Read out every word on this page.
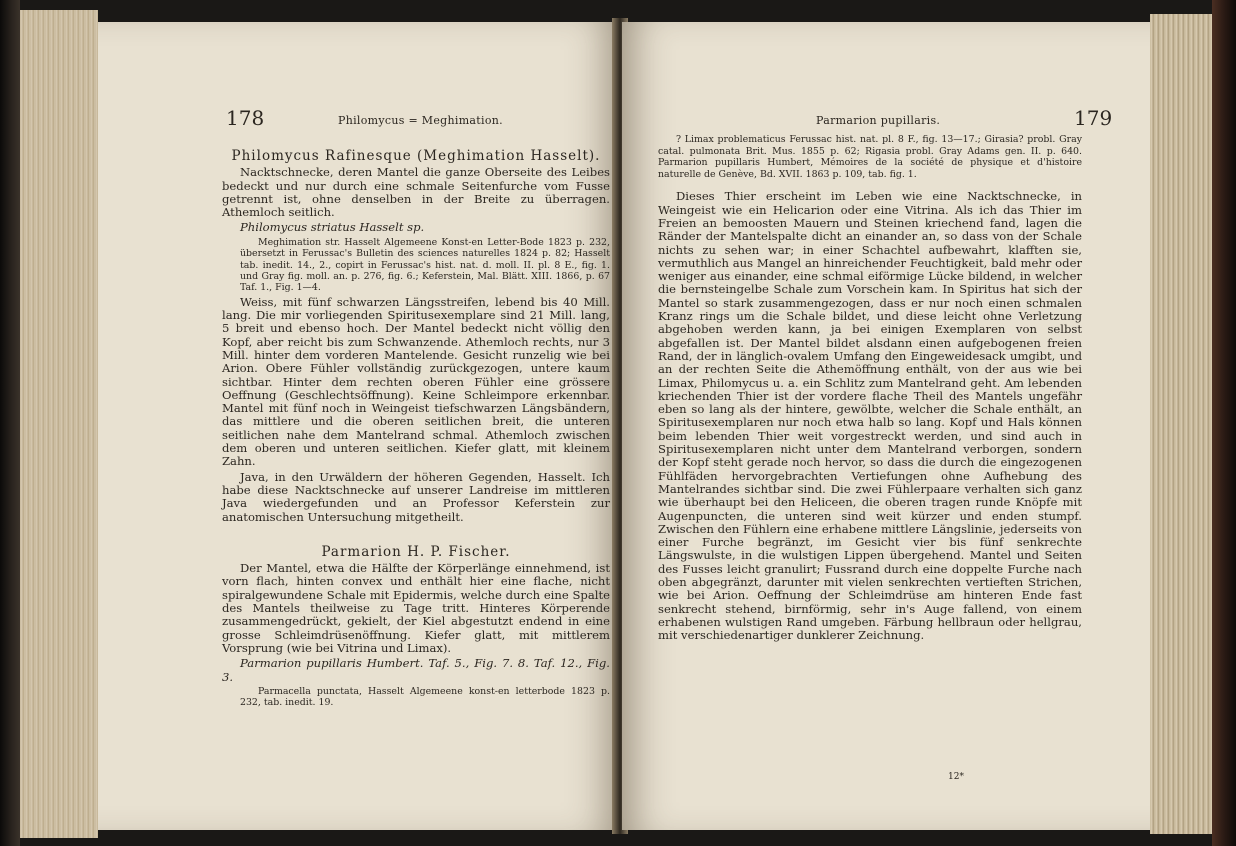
178	Philomycus = Meghimation.
Philomycus Rafinesque (Meghimation Hasselt).

Nacktschnecke, deren Mantel die ganze Oberseite des Leibes bedeckt und nur durch eine schmale Seitenfurche vom Fusse getrennt ist, ohne denselben in der Breite zu überragen. Athemloch seitlich.

Philomycus striatus Hasselt sp.

Meghimation str. Hasselt Algemeene Konst-en Letter-Bode 1823 p. 232, übersetzt in Ferussac's Bulletin des sciences naturelles 1824 p. 82; Hasselt tab. inedit. 14., 2., copirt in Ferussac's hist. nat. d. moll. II. pl. 8 E., fig. 1. und Gray fig. moll. an. p. 276, fig. 6.; Keferstein, Mal. Blätt. XIII. 1866, p. 67 Taf. 1., Fig. 1—4.

Weiss, mit fünf schwarzen Längsstreifen, lebend bis 40 Mill. lang. Die mir vorliegenden Spiritusexemplare sind 21 Mill. lang, 5 breit und ebenso hoch. Der Mantel bedeckt nicht völlig den Kopf, aber reicht bis zum Schwanzende. Athemloch rechts, nur 3 Mill. hinter dem vorderen Mantelende. Gesicht runzelig wie bei Arion. Obere Fühler vollständig zurückgezogen, untere kaum sichtbar. Hinter dem rechten oberen Fühler eine grössere Oeffnung (Geschlechtsöffnung). Keine Schleimpore erkennbar. Mantel mit fünf noch in Weingeist tiefschwarzen Längsbändern, das mittlere und die oberen seitlichen breit, die unteren seitlichen nahe dem Mantelrand schmal. Athemloch zwischen dem oberen und unteren seitlichen. Kiefer glatt, mit kleinem Zahn.

Java, in den Urwäldern der höheren Gegenden, Hasselt. Ich habe diese Nacktschnecke auf unserer Landreise im mittleren Java wiedergefunden und an Professor Keferstein zur anatomischen Untersuchung mitgetheilt.

Parmarion H. P. Fischer.

Der Mantel, etwa die Hälfte der Körperlänge einnehmend, ist vorn flach, hinten convex und enthält hier eine flache, nicht spiralgewundene Schale mit Epidermis, welche durch eine Spalte des Mantels theilweise zu Tage tritt. Hinteres Körperende zusammengedrückt, gekielt, der Kiel abgestutzt endend in eine grosse Schleimdrüsenöffnung. Kiefer glatt, mit mittlerem Vorsprung (wie bei Vitrina und Limax).

Parmarion pupillaris Humbert. Taf. 5., Fig. 7. 8. Taf. 12., Fig. 3.

Parmacella punctata, Hasselt Algemeene konst-en letterbode 1823 p. 232, tab. inedit. 19.

Parmarion pupillaris.	179

? Limax problematicus Ferussac hist. nat. pl. 8 F., fig. 13—17.; Girasia? probl. Gray catal. pulmonata Brit. Mus. 1855 p. 62; Rigasia probl. Gray Adams gen. II. p. 640. Parmarion pupillaris Humbert, Mémoires de la société de physique et d'histoire naturelle de Genève, Bd. XVII. 1863 p. 109, tab. fig. 1.

Dieses Thier erscheint im Leben wie eine Nacktschnecke, in Weingeist wie ein Helicarion oder eine Vitrina. Als ich das Thier im Freien an bemoosten Mauern und Steinen kriechend fand, lagen die Ränder der Mantelspalte dicht an einander an, so dass von der Schale nichts zu sehen war; in einer Schachtel aufbewahrt, klafften sie, vermuthlich aus Mangel an hinreichender Feuchtigkeit, bald mehr oder weniger aus einander, eine schmal eiförmige Lücke bildend, in welcher die bernsteingelbe Schale zum Vorschein kam. In Spiritus hat sich der Mantel so stark zusammengezogen, dass er nur noch einen schmalen Kranz rings um die Schale bildet, und diese leicht ohne Verletzung abgehoben werden kann, ja bei einigen Exemplaren von selbst abgefallen ist. Der Mantel bildet alsdann einen aufgebogenen freien Rand, der in länglich-ovalem Umfang den Eingeweidesack umgibt, und an der rechten Seite die Athemöffnung enthält, von der aus wie bei Limax, Philomycus u. a. ein Schlitz zum Mantelrand geht. Am lebenden kriechenden Thier ist der vordere flache Theil des Mantels ungefähr eben so lang als der hintere, gewölbte, welcher die Schale enthält, an Spiritusexemplaren nur noch etwa halb so lang. Kopf und Hals können beim lebenden Thier weit vorgestreckt werden, und sind auch in Spiritusexemplaren nicht unter dem Mantelrand verborgen, sondern der Kopf steht gerade noch hervor, so dass die durch die eingezogenen Fühlfäden hervorgebrachten Vertiefungen ohne Aufhebung des Mantelrandes sichtbar sind. Die zwei Fühlerpaare verhalten sich ganz wie überhaupt bei den Heliceen, die oberen tragen runde Knöpfe mit Augenpuncten, die unteren sind weit kürzer und enden stumpf. Zwischen den Fühlern eine erhabene mittlere Längslinie, jederseits von einer Furche begränzt, im Gesicht vier bis fünf senkrechte Längswulste, in die wulstigen Lippen übergehend. Mantel und Seiten des Fusses leicht granulirt; Fussrand durch eine doppelte Furche nach oben abgegränzt, darunter mit vielen senkrechten vertieften Strichen, wie bei Arion. Oeffnung der Schleimdrüse am hinteren Ende fast senkrecht stehend, birnförmig, sehr in's Auge fallend, von einem erhabenen wulstigen Rand umgeben. Färbung hellbraun oder hellgrau, mit verschiedenartiger dunklerer Zeichnung.

12*
